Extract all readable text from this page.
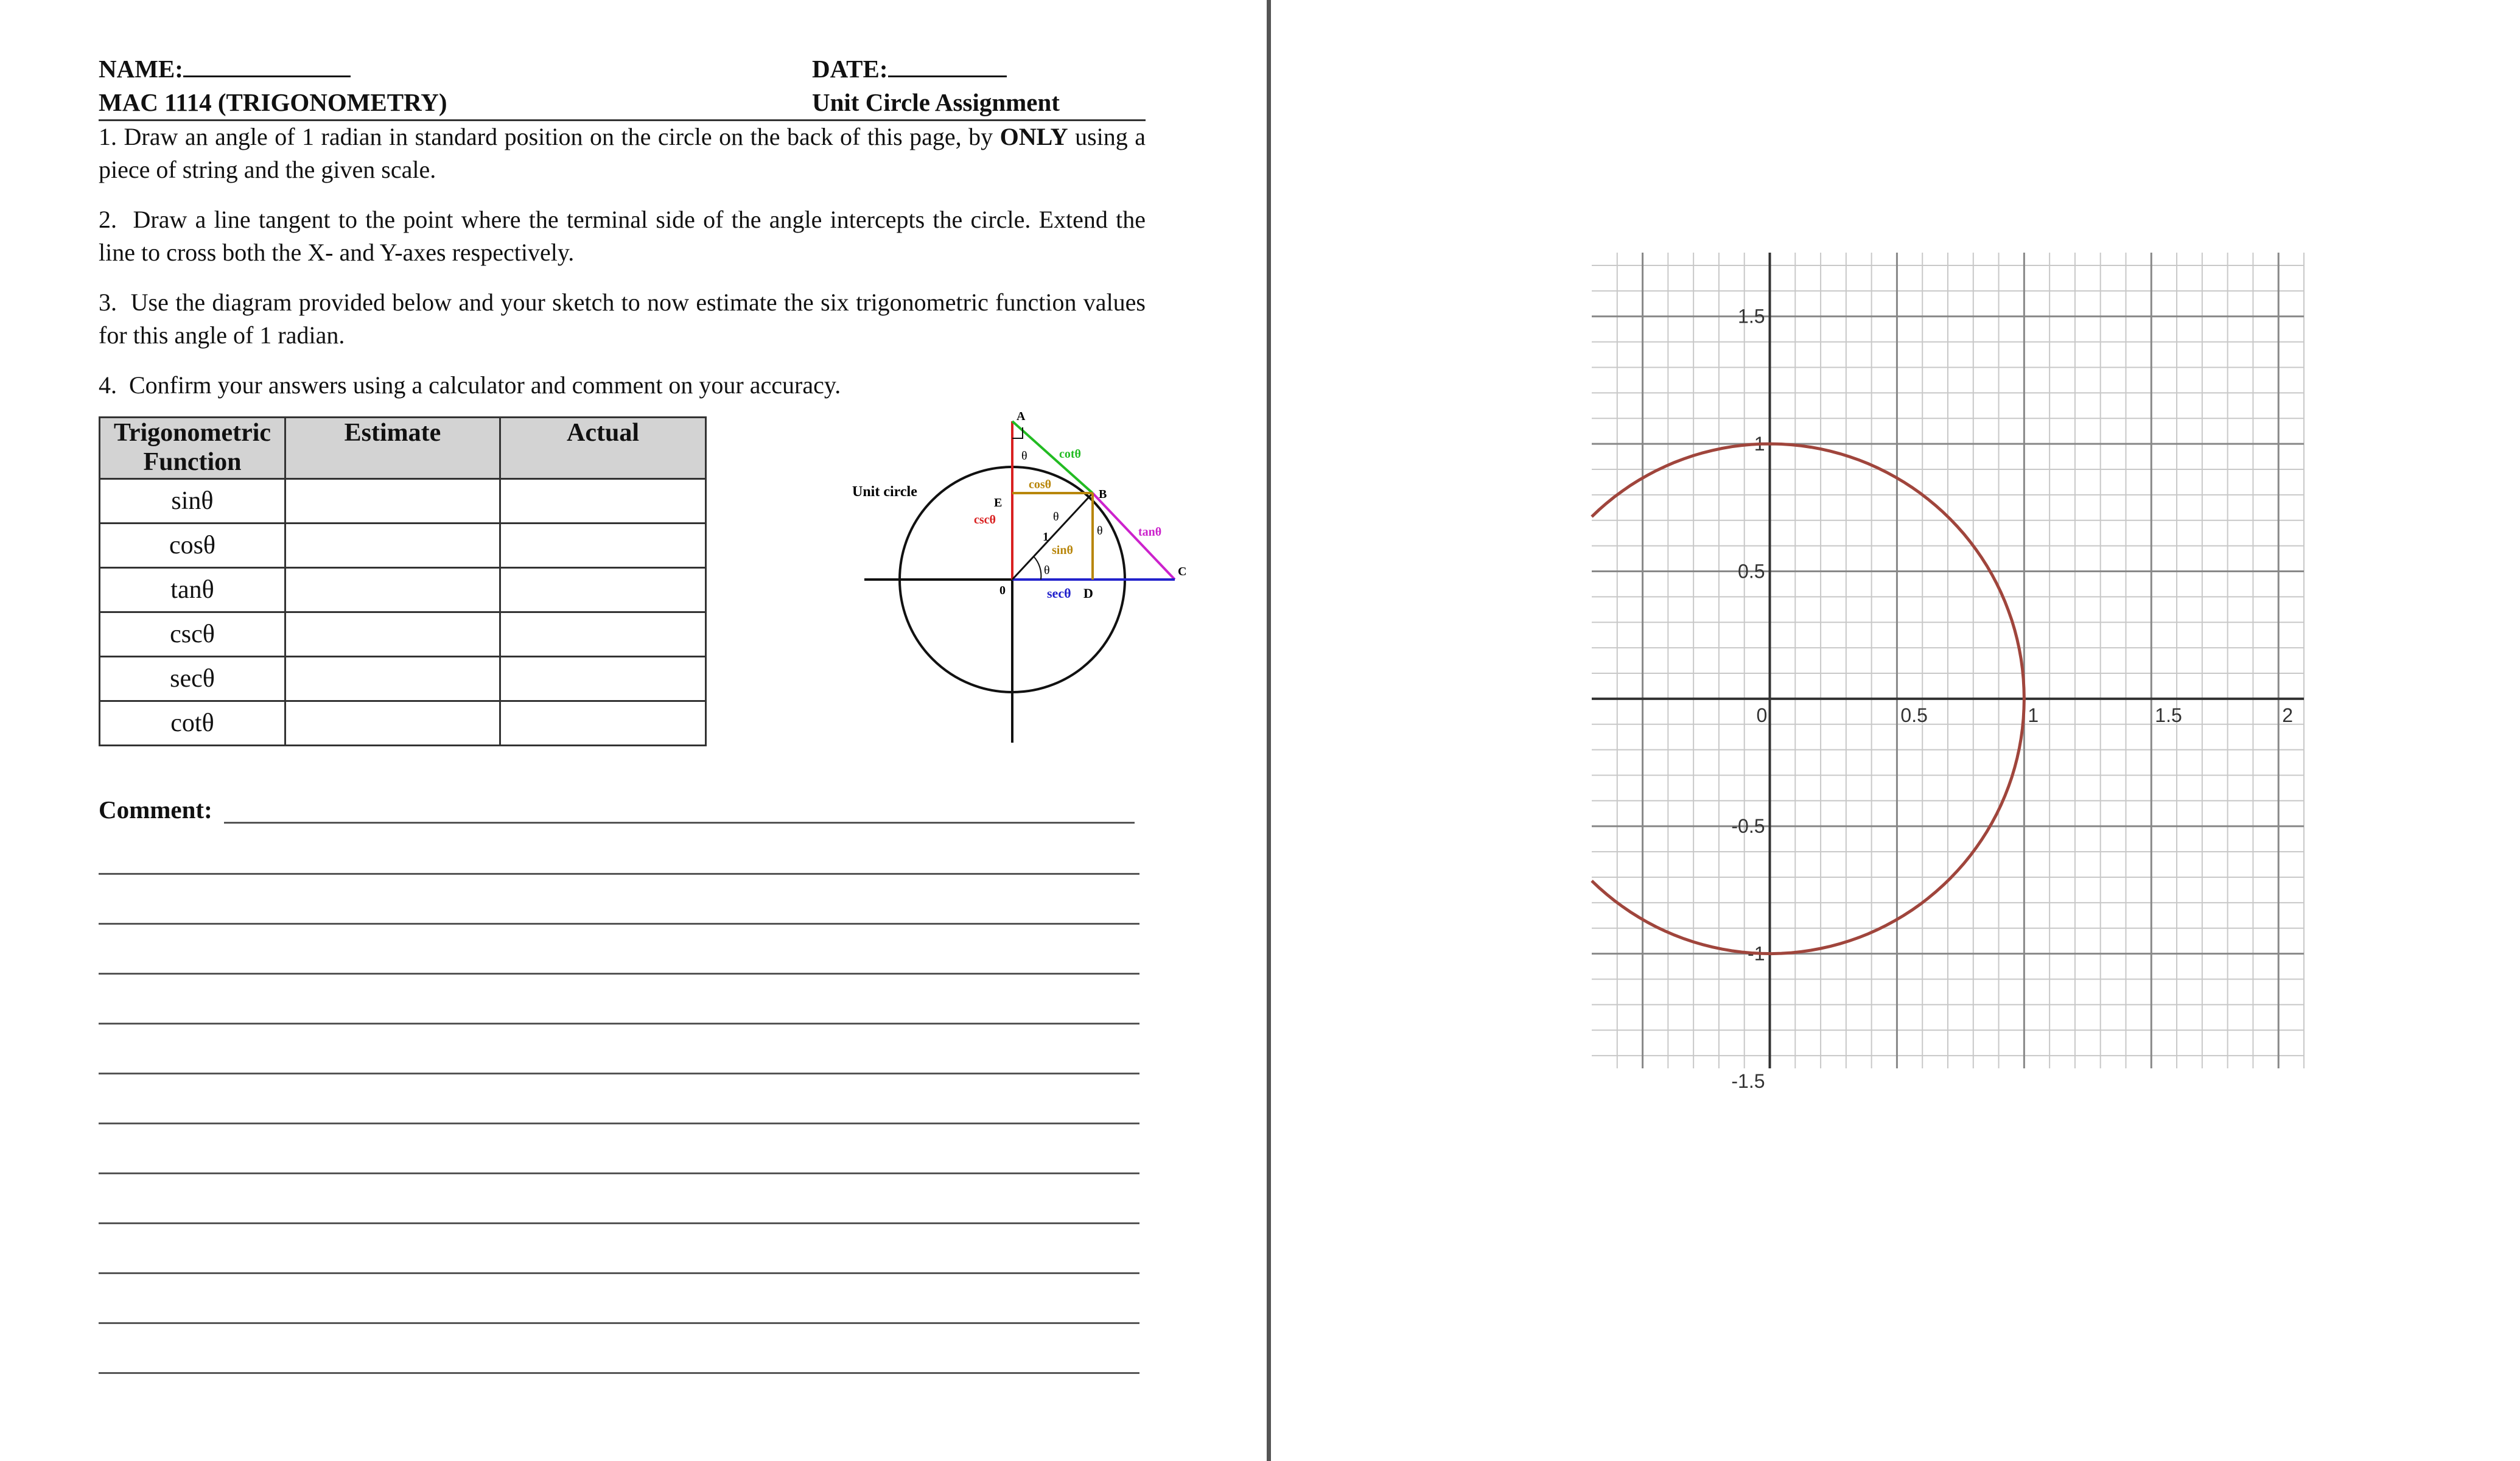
NAME:	DATE:
MAC 1114 (TRIGONOMETRY)	Unit Circle Assignment
1. Draw an angle of 1 radian in standard position on the circle on the back of this page, by ONLY using a piece of string and the given scale.
2. Draw a line tangent to the point where the terminal side of the angle intercepts the circle. Extend the line to cross both the X- and Y-axes respectively.
3. Use the diagram provided below and your sketch to now estimate the six trigonometric function values for this angle of 1 radian.
4. Confirm your answers using a calculator and comment on your accuracy.
Trigonometric Function	Estimate	Actual
sinθ		
cosθ		
tanθ		
cscθ		
secθ		
cotθ		
Unit circle
A
B
C
D
E
0
1
θ
θ
θ
θ
cotθ
cosθ
cscθ
sinθ
tanθ
secθ
Comment:
0	0.5	1	1.5	2
1.5
1
0.5
-0.5
-1
-1.5
